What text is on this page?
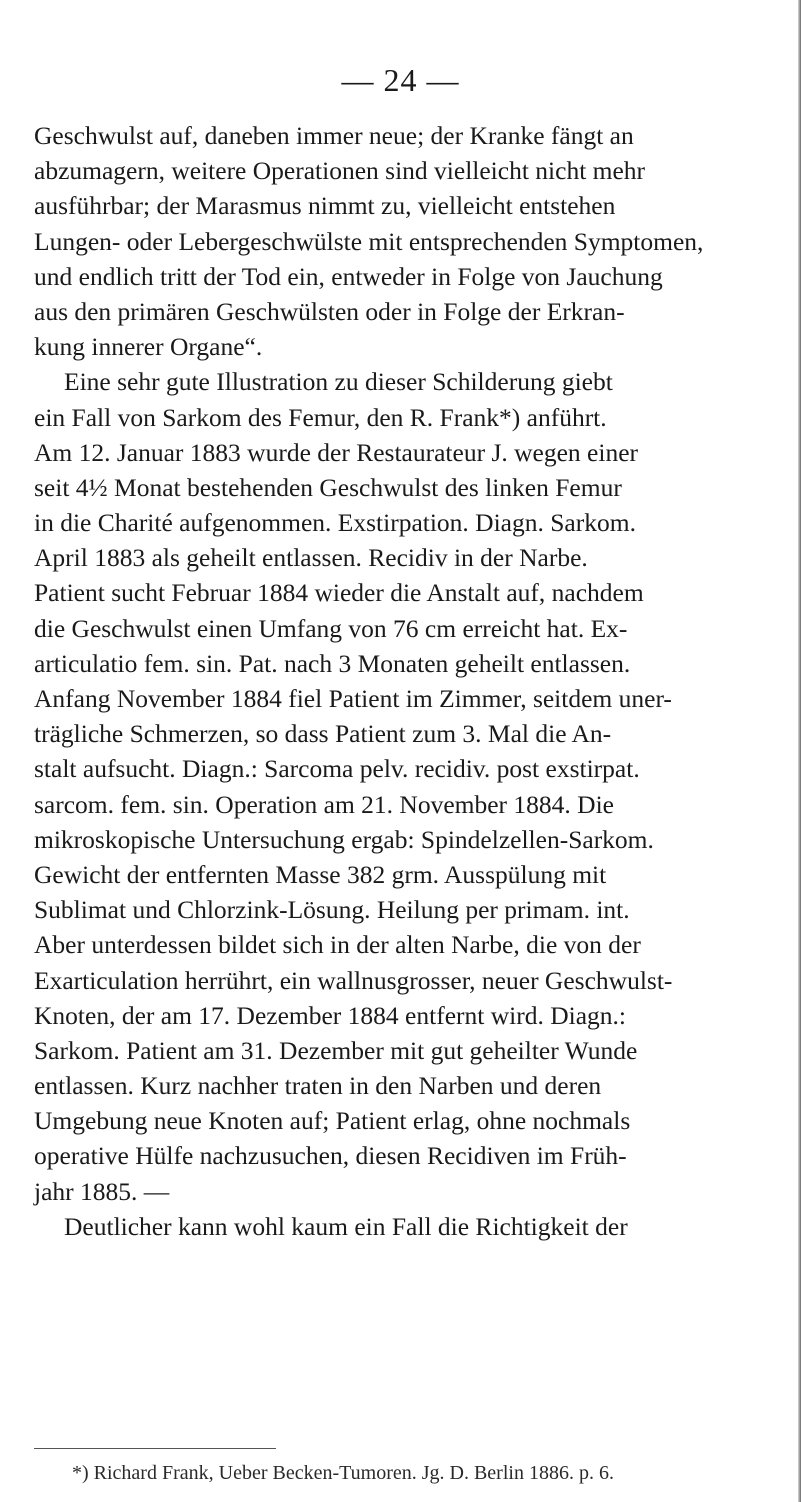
— 24 —
Geschwulst auf, daneben immer neue; der Kranke fängt an
abzumagern, weitere Operationen sind vielleicht nicht mehr
ausführbar; der Marasmus nimmt zu, vielleicht entstehen
Lungen- oder Lebergeschwülste mit entsprechenden Symptomen,
und endlich tritt der Tod ein, entweder in Folge von Jauchung
aus den primären Geschwülsten oder in Folge der Erkran-
kung innerer Organe“.
Eine sehr gute Illustration zu dieser Schilderung giebt
ein Fall von Sarkom des Femur, den R. Frank*) anführt.
Am 12. Januar 1883 wurde der Restaurateur J. wegen einer
seit 4½ Monat bestehenden Geschwulst des linken Femur
in die Charité aufgenommen. Exstirpation. Diagn. Sarkom.
April 1883 als geheilt entlassen. Recidiv in der Narbe.
Patient sucht Februar 1884 wieder die Anstalt auf, nachdem
die Geschwulst einen Umfang von 76 cm erreicht hat. Ex-
articulatio fem. sin. Pat. nach 3 Monaten geheilt entlassen.
Anfang November 1884 fiel Patient im Zimmer, seitdem uner-
trägliche Schmerzen, so dass Patient zum 3. Mal die An-
stalt aufsucht. Diagn.: Sarcoma pelv. recidiv. post exstirpat.
sarcom. fem. sin. Operation am 21. November 1884. Die
mikroskopische Untersuchung ergab: Spindelzellen-Sarkom.
Gewicht der entfernten Masse 382 grm. Ausspülung mit
Sublimat und Chlorzink-Lösung. Heilung per primam. int.
Aber unterdessen bildet sich in der alten Narbe, die von der
Exarticulation herrührt, ein wallnusgrosser, neuer Geschwulst-
Knoten, der am 17. Dezember 1884 entfernt wird. Diagn.:
Sarkom. Patient am 31. Dezember mit gut geheilter Wunde
entlassen. Kurz nachher traten in den Narben und deren
Umgebung neue Knoten auf; Patient erlag, ohne nochmals
operative Hülfe nachzusuchen, diesen Recidiven im Früh-
jahr 1885. —
Deutlicher kann wohl kaum ein Fall die Richtigkeit der
*) Richard Frank, Ueber Becken-Tumoren. Jg. D. Berlin 1886. p. 6.
